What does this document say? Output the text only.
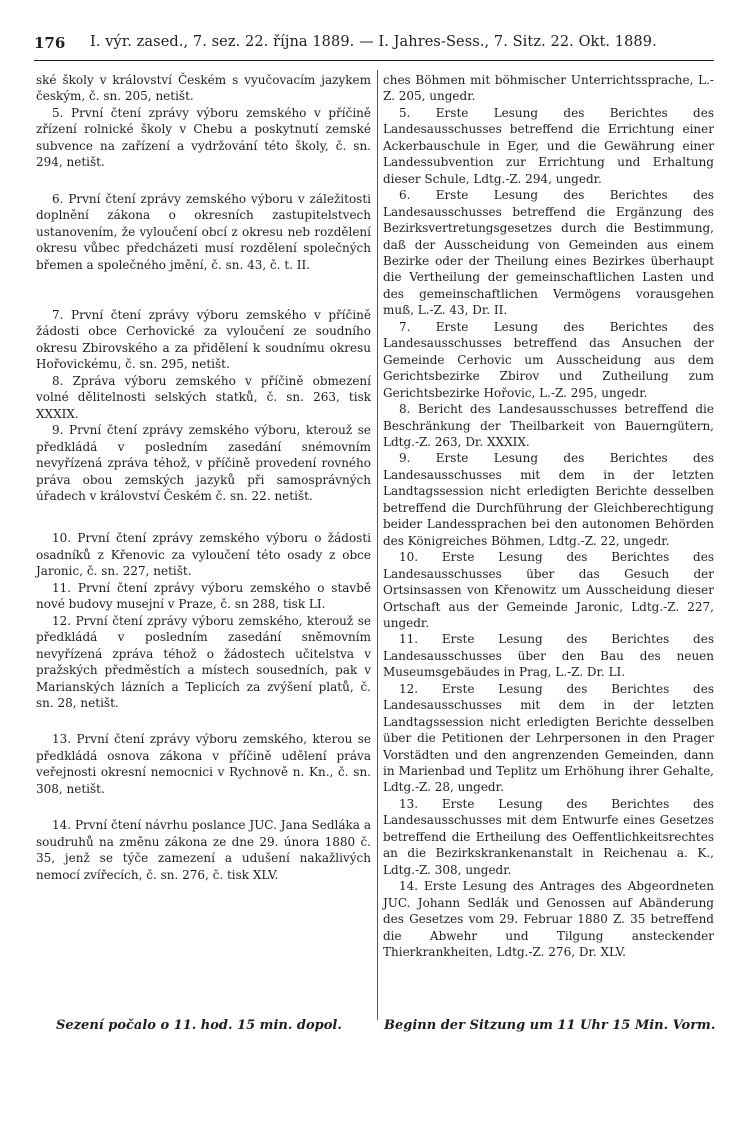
176 I. výr. zased., 7. sez. 22. října 1889. — I. Jahres-Sess., 7. Sitz. 22. Okt. 1889.

ské školy v království Českém s vyučovacím jazykem českým, č. sn. 205, netišt.

5. První čtení zprávy výboru zemského v příčině zřízení rolnické školy v Chebu a poskytnutí zemské subvence na zařízení a vydržování této školy, č. sn. 294, netišt.

6. První čtení zprávy zemského výboru v záležitosti doplnění zákona o okresních zastupitelstvech ustanovením, že vyloučení obcí z okresu neb rozdělení okresu vůbec předcházeti musí rozdělení společných břemen a společného jmění, č. sn. 43, č. t. II.

7. První čtení zprávy výboru zemského v příčině žádosti obce Cerhovické za vyloučení ze soudního okresu Zbirovského a za přidělení k soudnímu okresu Hořovickému, č. sn. 295, netišt.

8. Zpráva výboru zemského v příčině obmezení volné dělitelnosti selských statků, č. sn. 263, tisk XXXIX.

9. První čtení zprávy zemského výboru, kterouž se předkládá v posledním zasedání snémovním nevyřízená zpráva téhož, v příčině provedení rovného práva obou zemských jazyků při samosprávných úřadech v království Českém č. sn. 22. netišt.

10. První čtení zprávy zemského výboru o žádosti osadníků z Křenovic za vyloučení této osady z obce Jaronic, č. sn. 227, netišt.

11. První čtení zprávy výboru zemského o stavbě nové budovy musejní v Praze, č. sn 288, tisk LI.

12. První čtení zprávy výboru zemského, kterouž se předkládá v posledním zasedání sněmovním nevyřízená zpráva téhož o žádostech učitelstva v pražských předměstích a místech sousedních, pak v Marianských lázních a Teplicích za zvýšení platů, č. sn. 28, netišt.

13. První čtení zprávy výboru zemského, kterou se předkládá osnova zákona v příčině udělení práva veřejnosti okresní nemocnici v Rychnově n. Kn., č. sn. 308, netišt.

14. První čtení návrhu poslance JUC. Jana Sedláka a soudruhů na změnu zákona ze dne 29. února 1880 č. 35, jenž se týče zamezení a udušení nakažlivých nemocí zvířecích, č. sn. 276, č. tisk XLV.

ches Böhmen mit böhmischer Unterrichtssprache, L.-Z. 205, ungedr.

5. Erste Lesung des Berichtes des Landesausschusses betreffend die Errichtung einer Ackerbauschule in Eger, und die Gewährung einer Landessubvention zur Errichtung und Erhaltung dieser Schule, Ldtg.-Z. 294, ungedr.

6. Erste Lesung des Berichtes des Landesausschusses betreffend die Ergänzung des Bezirksvertretungsgesetzes durch die Bestimmung, daß der Ausscheidung von Gemeinden aus einem Bezirke oder der Theilung eines Bezirkes überhaupt die Vertheilung der gemeinschaftlichen Lasten und des gemeinschaftlichen Vermögens vorausgehen muß, L.-Z. 43, Dr. II.

7. Erste Lesung des Berichtes des Landesausschusses betreffend das Ansuchen der Gemeinde Cerhovic um Ausscheidung aus dem Gerichtsbezirke Zbirov und Zutheilung zum Gerichtsbezirke Hořovic, L.-Z. 295, ungedr.

8. Bericht des Landesausschusses betreffend die Beschränkung der Theilbarkeit von Bauerngütern, Ldtg.-Z. 263, Dr. XXXIX.

9. Erste Lesung des Berichtes des Landesausschusses mit dem in der letzten Landtagssession nicht erledigten Berichte desselben betreffend die Durchführung der Gleichberechtigung beider Landessprachen bei den autonomen Behörden des Königreiches Böhmen, Ldtg.-Z. 22, ungedr.

10. Erste Lesung des Berichtes des Landesausschusses über das Gesuch der Ortsinsassen von Křenowitz um Ausscheidung dieser Ortschaft aus der Gemeinde Jaronic, Ldtg.-Z. 227, ungedr.

11. Erste Lesung des Berichtes des Landesausschusses über den Bau des neuen Museumsgebäudes in Prag, L.-Z. Dr. LI.

12. Erste Lesung des Berichtes des Landesausschusses mit dem in der letzten Landtagssession nicht erledigten Berichte desselben über die Petitionen der Lehrpersonen in den Prager Vorstädten und den angrenzenden Gemeinden, dann in Marienbad und Teplitz um Erhöhung ihrer Gehalte, Ldtg.-Z. 28, ungedr.

13. Erste Lesung des Berichtes des Landesausschusses mit dem Entwurfe eines Gesetzes betreffend die Ertheilung des Oeffentlichkeitsrechtes an die Bezirkskrankenanstalt in Reichenau a. K., Ldtg.-Z. 308, ungedr.

14. Erste Lesung des Antrages des Abgeordneten JUC. Johann Sedlák und Genossen auf Abänderung des Gesetzes vom 29. Februar 1880 Z. 35 betreffend die Abwehr und Tilgung ansteckender Thierkrankheiten, Ldtg.-Z. 276, Dr. XLV.

Sezení počalo o 11. hod. 15 min. dopol.	Beginn der Sitzung um 11 Uhr 15 Min. Vorm.
